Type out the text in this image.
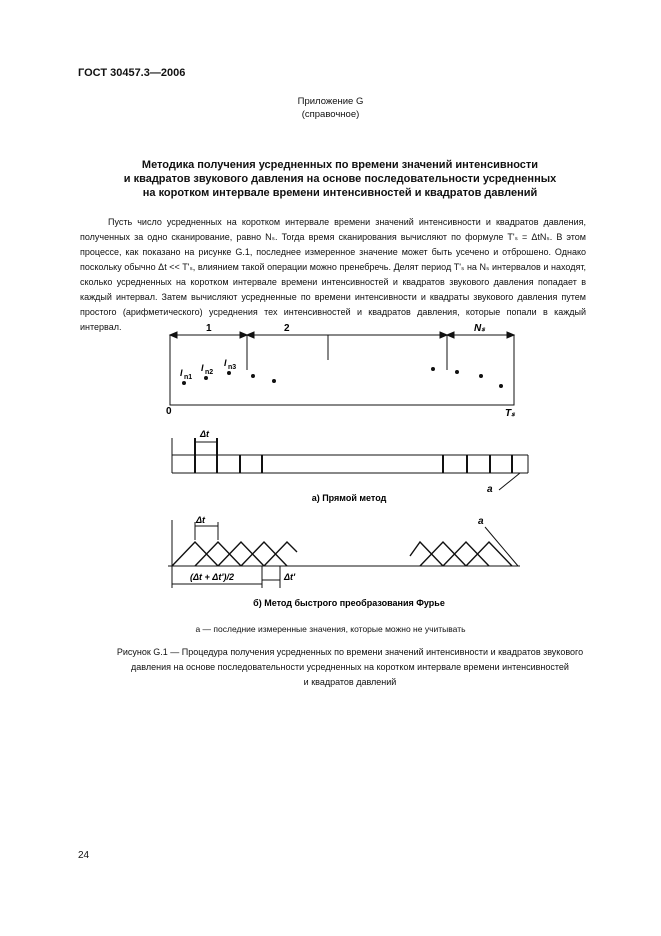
ГОСТ 30457.3—2006
Приложение G
(справочное)
Методика получения усредненных по времени значений интенсивности
и квадратов звукового давления на основе последовательности усредненных
на коротком интервале времени интенсивностей и квадратов давлений

Пусть число усредненных на коротком интервале времени значений интенсивности и квадратов давления, полученных за одно сканирование, равно Nₛ. Тогда время сканирования вычисляют по формуле T'ₛ = ΔtNₛ. В этом процессе, как показано на рисунке G.1, последнее измеренное значение может быть усечено и отброшено. Однако поскольку обычно Δt << T'ₛ, влиянием такой операции можно пренебречь. Делят период T'ₛ на Nₛ интервалов и находят, сколько усредненных на коротком интервале времени интенсивностей и квадратов звукового давления попадает в каждый интервал. Затем вычисляют усредненные по времени интенсивности и квадраты звукового давления путем простого (арифметического) усреднения тех интенсивностей и квадратов давления, которые попали в каждый интервал.	1	2	Nₛ
0	Tₛ
I n1
I n2
I n3
Δt
a
а) Прямой метод
Δt
(Δt + Δt')/2	Δt'
a
б) Метод быстрого преобразования Фурье
а — последние измеренные значения, которые можно не учитывать
Рисунок G.1 — Процедура получения усредненных по времени значений интенсивности и квадратов звукового
давления на основе последовательности усредненных на коротком интервале времени интенсивностей
и квадратов давлений
24
